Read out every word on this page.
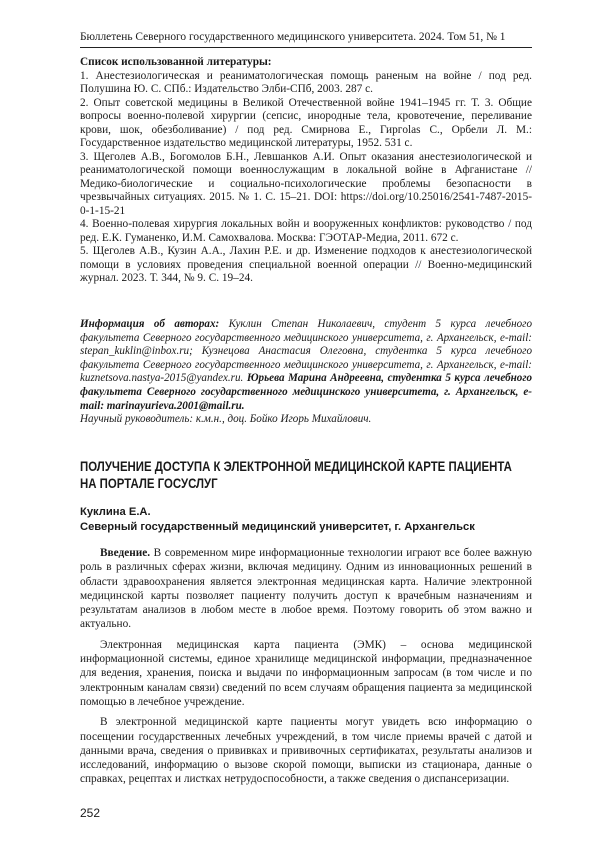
Бюллетень Северного государственного медицинского университета. 2024. Том 51, № 1
Список использованной литературы:

1. Анестезиологическая и реаниматологическая помощь раненым на войне / под ред. Полушина Ю. С. СПб.: Издательство Элби-СПб, 2003. 287 с.

2. Опыт советской медицины в Великой Отечественной войне 1941–1945 гг. Т. 3. Общие вопросы военно-полевой хирургии (сепсис, инородные тела, кровотечение, переливание крови, шок, обезболивание) / под ред. Смирнова Е., Гиргolas С., Орбели Л. М.: Государственное издательство медицинской литературы, 1952. 531 с.

3. Щеголев А.В., Богомолов Б.Н., Левшанков А.И. Опыт оказания анестезиологической и реаниматологической помощи военнослужащим в локальной войне в Афганистане // Медико-биологические и социально-психологические проблемы безопасности в чрезвычайных ситуациях. 2015. № 1. С. 15–21. DOI: https://doi.org/10.25016/2541-7487-2015-0-1-15-21

4. Военно-полевая хирургия локальных войн и вооруженных конфликтов: руководство / под ред. Е.К. Гуманенко, И.М. Самохвалова. Москва: ГЭОТАР-Медиа, 2011. 672 с.

5. Щеголев А.В., Кузин А.А., Лахин Р.Е. и др. Изменение подходов к анестезиологической помощи в условиях проведения специальной военной операции // Военно-медицинский журнал. 2023. Т. 344, № 9. С. 19–24.

Информация об авторах: Куклин Степан Николаевич, студент 5 курса лечебного факультета Северного государственного медицинского университета, г. Архангельск, e-mail: stepan_kuklin@inbox.ru; Кузнецова Анастасия Олеговна, студентка 5 курса лечебного факультета Северного государственного медицинского университета, г. Архангельск, e-mail: kuznetsova.nastya-2015@yandex.ru. Юрьева Марина Андреевна, студентка 5 курса лечебного факультета Северного государственного медицинского университета, г. Архангельск, e-mail: marinayurieva.2001@mail.ru.

Научный руководитель: к.м.н., доц. Бойко Игорь Михайлович.

ПОЛУЧЕНИЕ ДОСТУПА К ЭЛЕКТРОННОЙ МЕДИЦИНСКОЙ КАРТЕ ПАЦИЕНТА
НА ПОРТАЛЕ ГОСУСЛУГ
Куклина Е.А.
Северный государственный медицинский университет, г. Архангельск

Введение. В современном мире информационные технологии играют все более важную роль в различных сферах жизни, включая медицину. Одним из инновационных решений в области здравоохранения является электронная медицинская карта. Наличие электронной медицинской карты позволяет пациенту получить доступ к врачебным назначениям и результатам анализов в любом месте в любое время. Поэтому говорить об этом важно и актуально.

Электронная медицинская карта пациента (ЭМК) – основа медицинской информационной системы, единое хранилище медицинской информации, предназначенное для ведения, хранения, поиска и выдачи по информационным запросам (в том числе и по электронным каналам связи) сведений по всем случаям обращения пациента за медицинской помощью в лечебное учреждение.

В электронной медицинской карте пациенты могут увидеть всю информацию о посещении государственных лечебных учреждений, в том числе приемы врачей с датой и данными врача, сведения о прививках и прививочных сертификатах, результаты анализов и исследований, информацию о вызове скорой помощи, выписки из стационара, данные о справках, рецептах и листках нетрудоспособности, а также сведения о диспансеризации.

252
